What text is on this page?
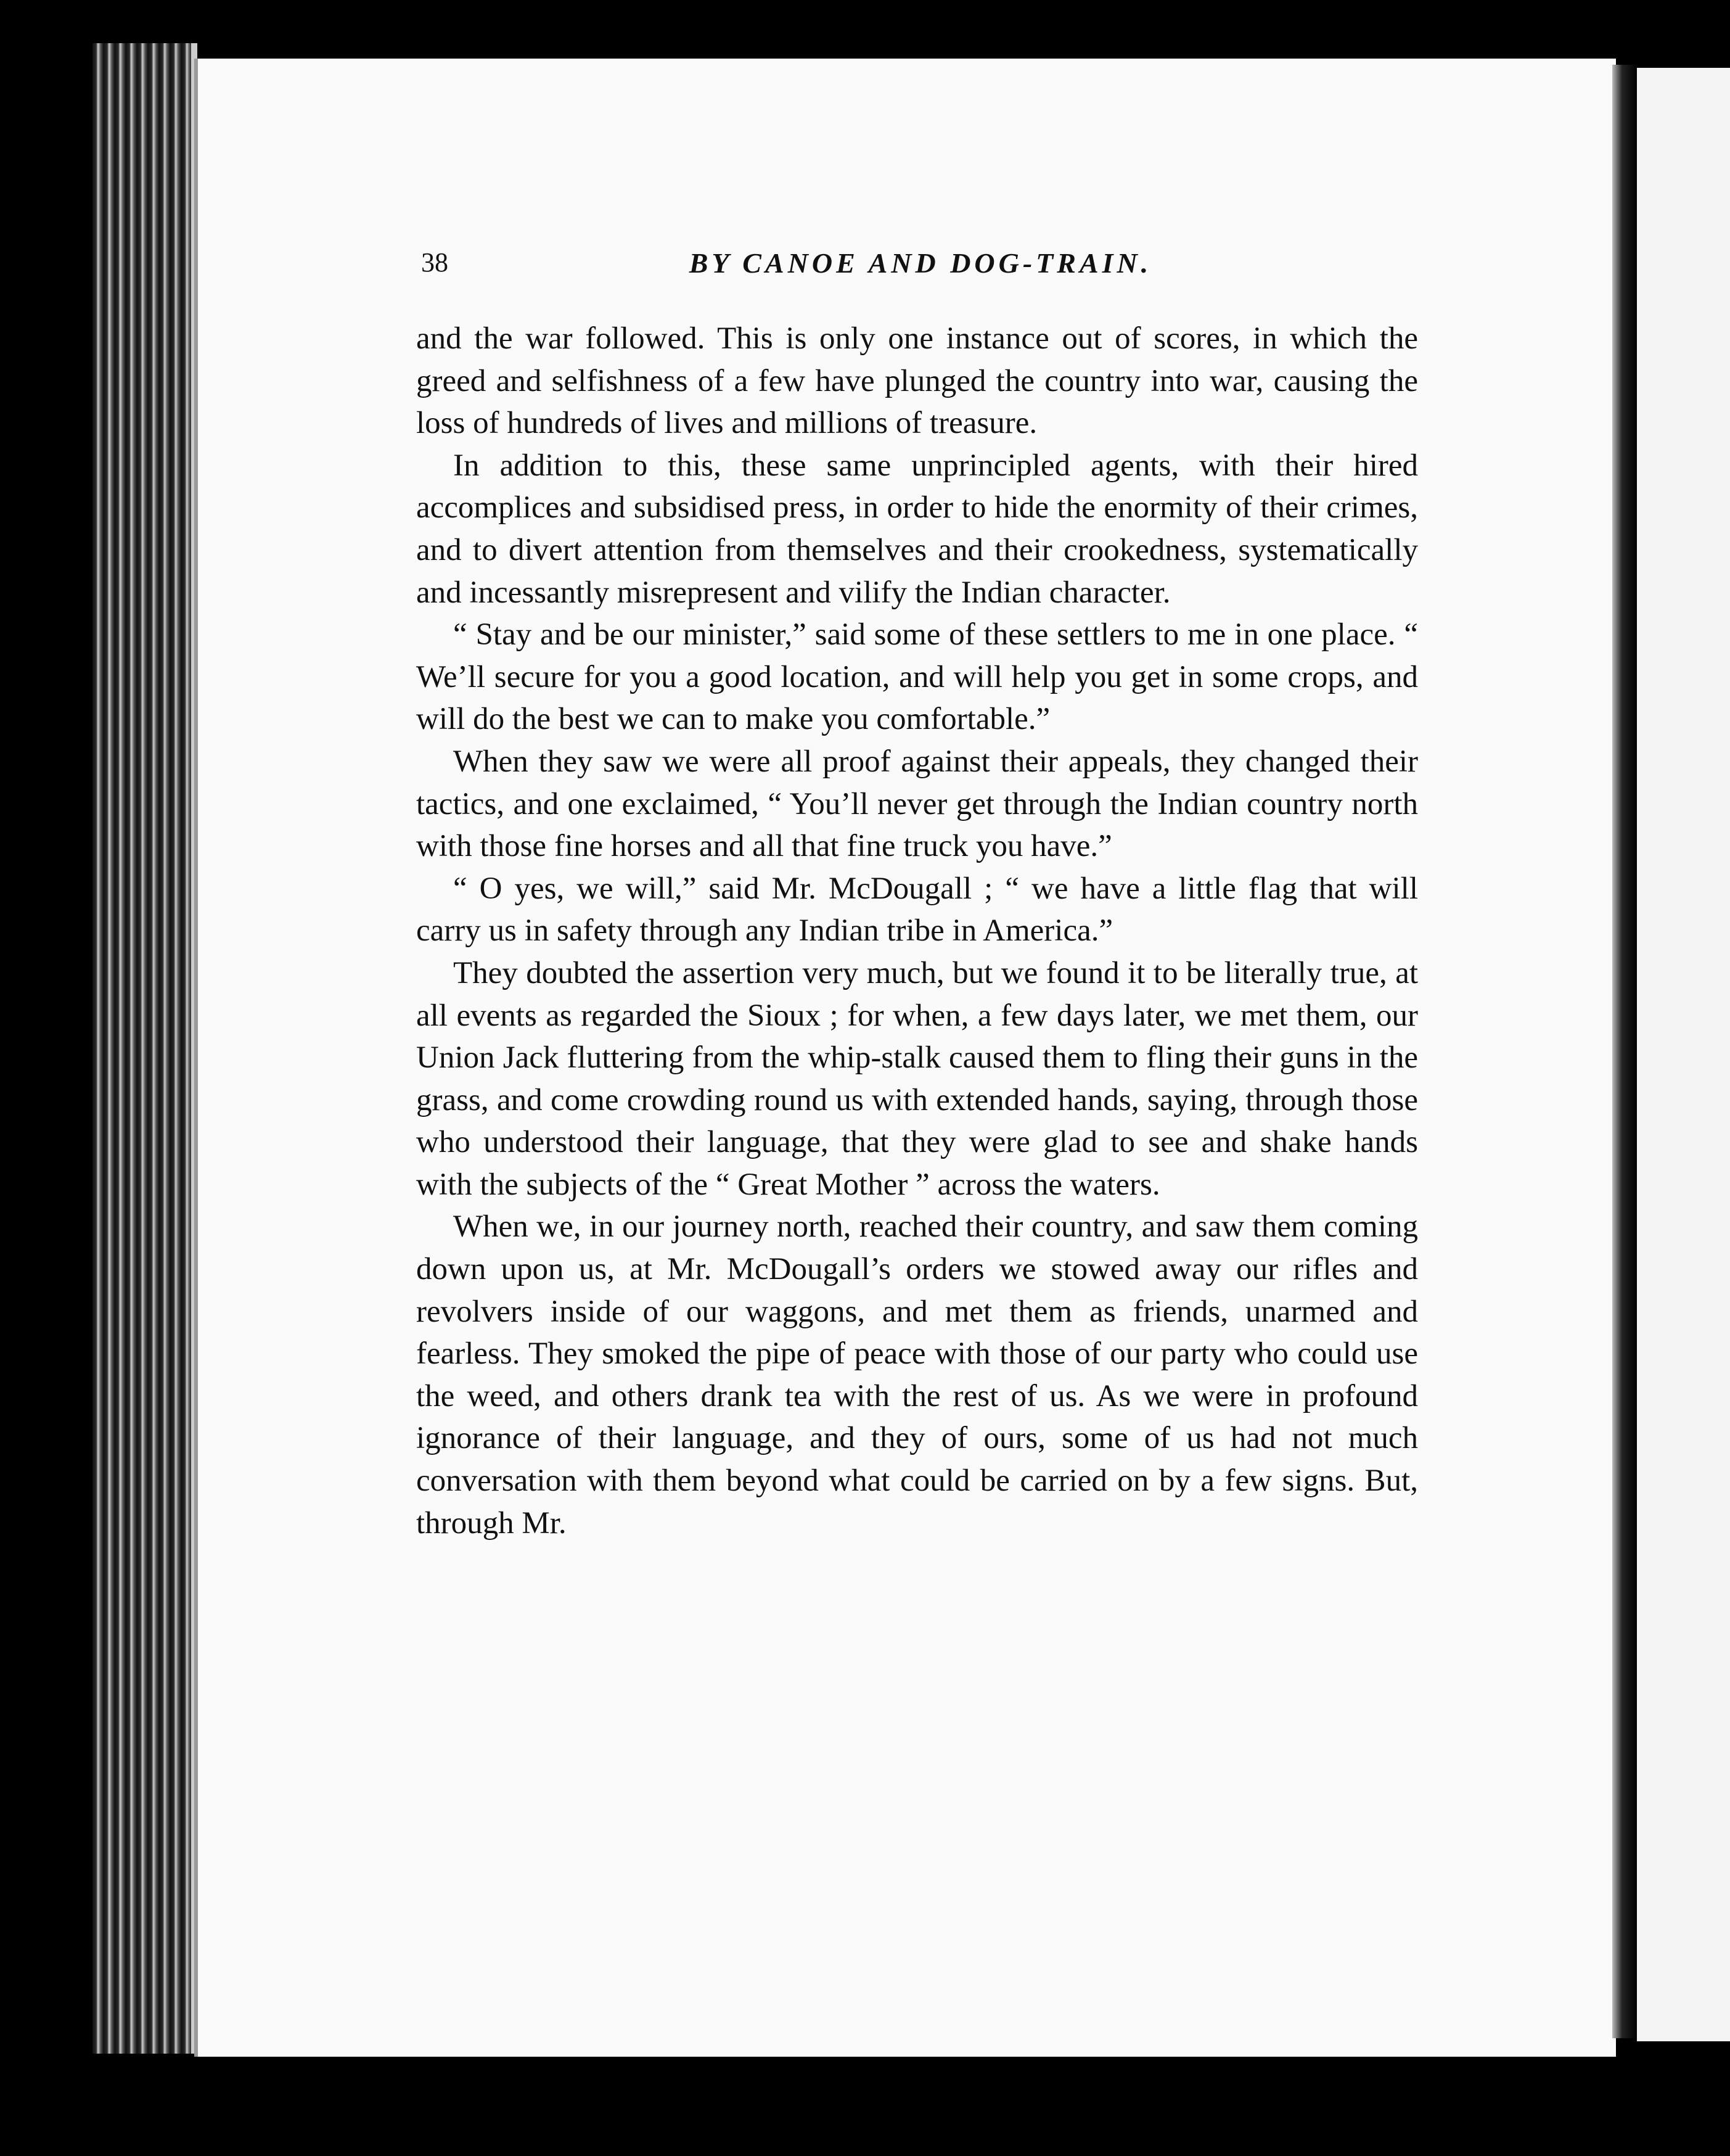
38	BY CANOE AND DOG-TRAIN.

and the war followed. This is only one instance out of scores, in which the greed and selfishness of a few have plunged the country into war, causing the loss of hundreds of lives and millions of treasure.

In addition to this, these same unprincipled agents, with their hired accomplices and subsidised press, in order to hide the enormity of their crimes, and to divert attention from themselves and their crookedness, systematically and incessantly misrepresent and vilify the Indian character.

“ Stay and be our minister,” said some of these settlers to me in one place. “ We’ll secure for you a good location, and will help you get in some crops, and will do the best we can to make you comfortable.”

When they saw we were all proof against their appeals, they changed their tactics, and one exclaimed, “ You’ll never get through the Indian country north with those fine horses and all that fine truck you have.”

“ O yes, we will,” said Mr. McDougall ; “ we have a little flag that will carry us in safety through any Indian tribe in America.”

They doubted the assertion very much, but we found it to be literally true, at all events as regarded the Sioux ; for when, a few days later, we met them, our Union Jack fluttering from the whip-stalk caused them to fling their guns in the grass, and come crowding round us with extended hands, saying, through those who understood their language, that they were glad to see and shake hands with the subjects of the “ Great Mother ” across the waters.

When we, in our journey north, reached their country, and saw them coming down upon us, at Mr. McDougall’s orders we stowed away our rifles and revolvers inside of our waggons, and met them as friends, unarmed and fearless. They smoked the pipe of peace with those of our party who could use the weed, and others drank tea with the rest of us. As we were in profound ignorance of their language, and they of ours, some of us had not much conversation with them beyond what could be carried on by a few signs. But, through Mr.
